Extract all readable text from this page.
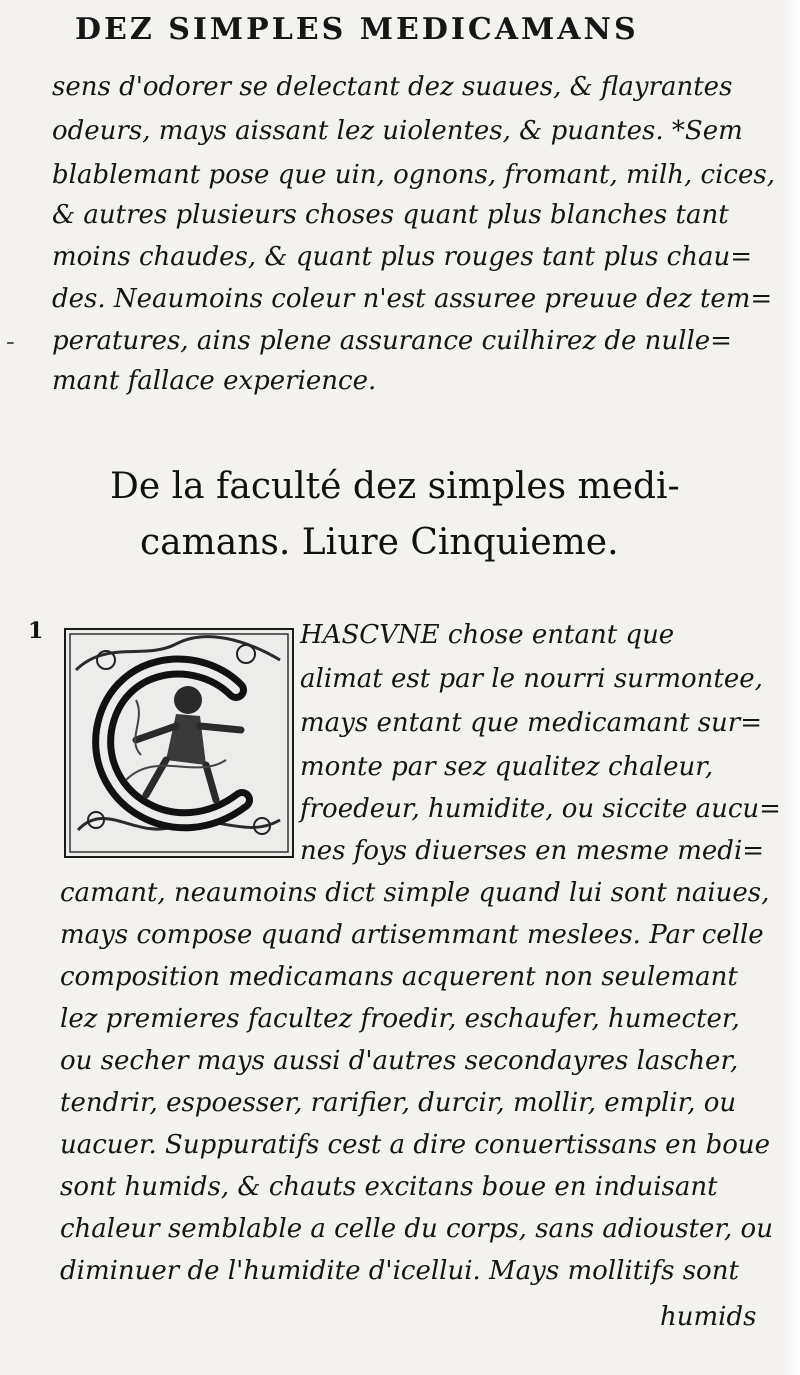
DEZ SIMPLES MEDICAMANS
sens d'odorer se delectant dez suaues, & flayrantes
odeurs, mays aissant lez uiolentes, & puantes. *Sem
blablemant pose que uin, ognons, fromant, milh, cices,
& autres plusieurs choses quant plus blanches tant
moins chaudes, & quant plus rouges tant plus chau=
des. Neaumoins coleur n'est assuree preuue dez tem=
peratures, ains plene assurance cuilhirez de nulle=
mant fallace experience.
-
De la faculté dez simples medi-
camans. Liure Cinquieme.
1	HASCVNE chose entant que
alimat est par le nourri surmontee,
mays entant que medicamant sur=
monte par sez qualitez chaleur,
froedeur, humidite, ou siccite aucu=
nes foys diuerses en mesme medi=
camant, neaumoins dict simple quand lui sont naiues,
mays compose quand artisemmant meslees. Par celle
composition medicamans acquerent non seulemant
lez premieres facultez froedir, eschaufer, humecter,
ou secher mays aussi d'autres secondayres lascher,
tendrir, espoesser, rarifier, durcir, mollir, emplir, ou
uacuer. Suppuratifs cest a dire conuertissans en boue
sont humids, & chauts excitans boue en induisant
chaleur semblable a celle du corps, sans adiouster, ou
diminuer de l'humidite d'icellui. Mays mollitifs sont
humids
